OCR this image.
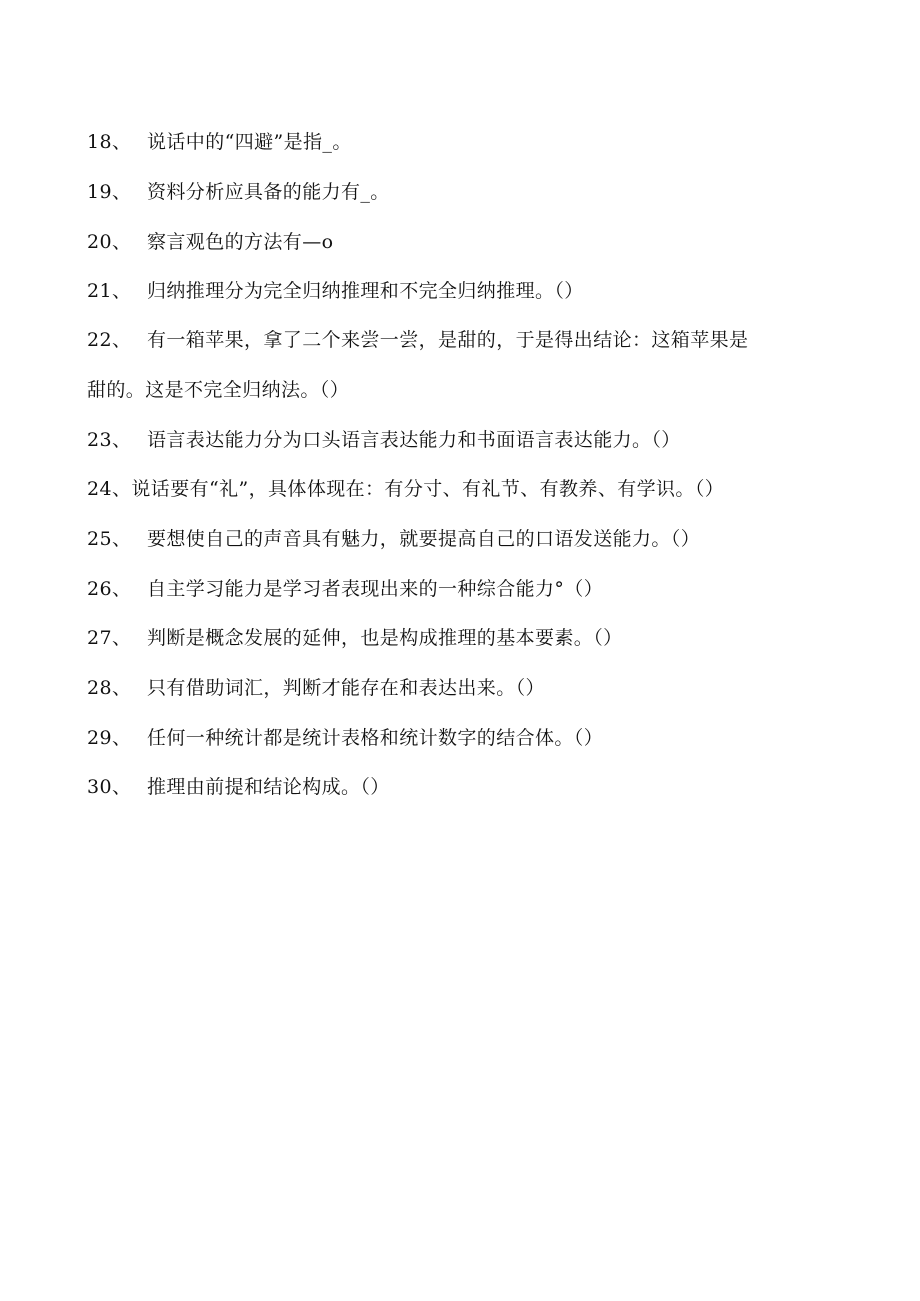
18、 说话中的“四避”是指_。
19、 资料分析应具备的能力有_。
20、 察言观色的方法有—o
21、 归纳推理分为完全归纳推理和不完全归纳推理。（）
22、 有一箱苹果，拿了二个来尝一尝，是甜的，于是得出结论：这箱苹果是
甜的。这是不完全归纳法。（）
23、 语言表达能力分为口头语言表达能力和书面语言表达能力。（）
24、说话要有“礼”，具体体现在：有分寸、有礼节、有教养、有学识。（）
25、 要想使自己的声音具有魅力，就要提高自己的口语发送能力。（）
26、 自主学习能力是学习者表现出来的一种综合能力°（）
27、 判断是概念发展的延伸，也是构成推理的基本要素。（）
28、 只有借助词汇，判断才能存在和表达出来。（）
29、 任何一种统计都是统计表格和统计数字的结合体。（）
30、 推理由前提和结论构成。（）
